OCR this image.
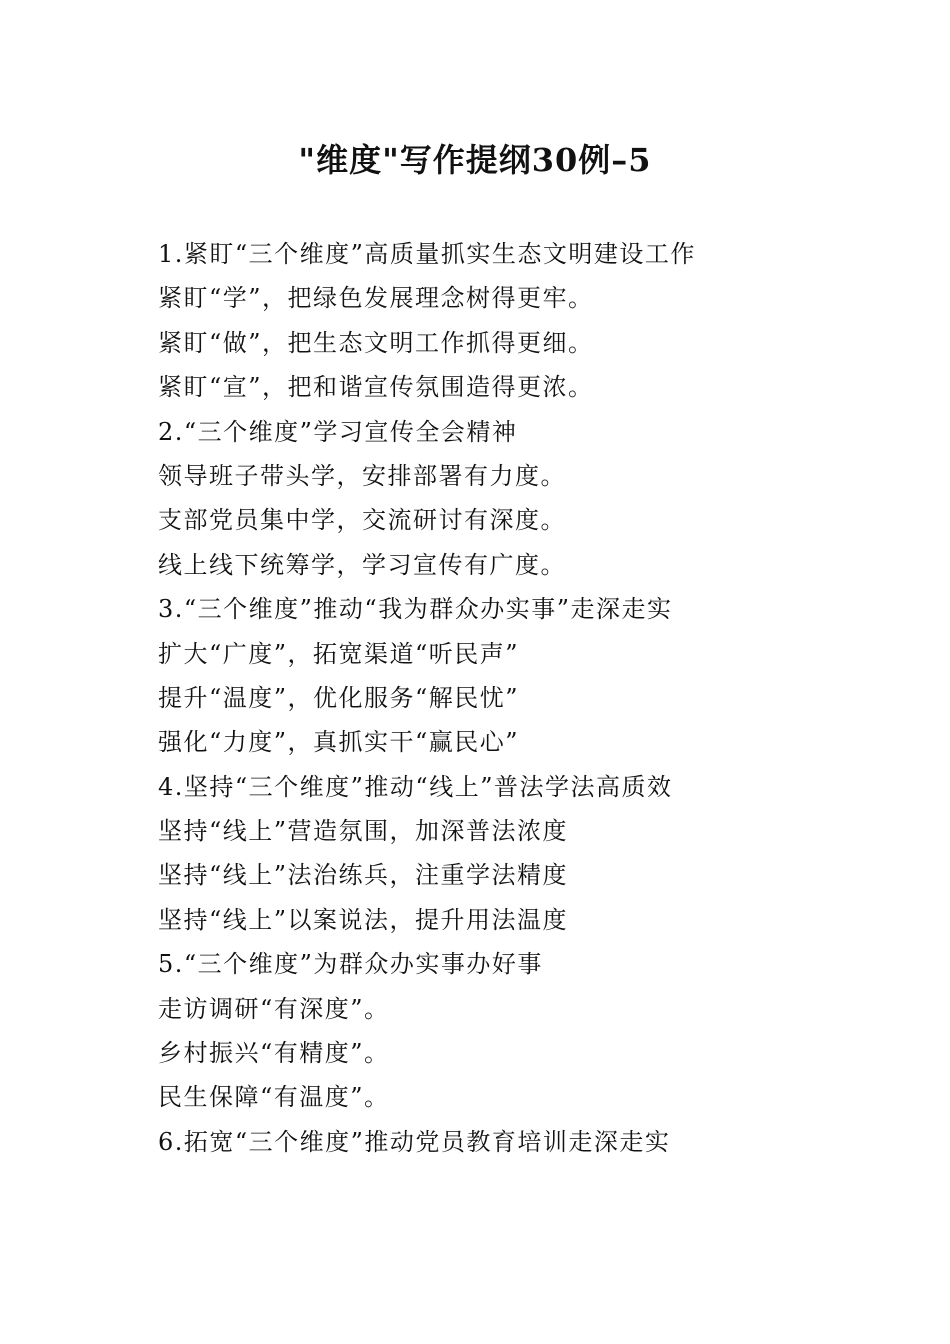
"维度"写作提纲30例–5
1.紧盯“三个维度”高质量抓实生态文明建设工作
紧盯“学”，把绿色发展理念树得更牢。
紧盯“做”，把生态文明工作抓得更细。
紧盯“宣”，把和谐宣传氛围造得更浓。
2.“三个维度”学习宣传全会精神
领导班子带头学，安排部署有力度。
支部党员集中学，交流研讨有深度。
线上线下统筹学，学习宣传有广度。
3.“三个维度”推动“我为群众办实事”走深走实
扩大“广度”，拓宽渠道“听民声”
提升“温度”，优化服务“解民忧”
强化“力度”，真抓实干“赢民心”
4.坚持“三个维度”推动“线上”普法学法高质效
坚持“线上”营造氛围，加深普法浓度
坚持“线上”法治练兵，注重学法精度
坚持“线上”以案说法，提升用法温度
5.“三个维度”为群众办实事办好事
走访调研“有深度”。
乡村振兴“有精度”。
民生保障“有温度”。
6.拓宽“三个维度”推动党员教育培训走深走实
